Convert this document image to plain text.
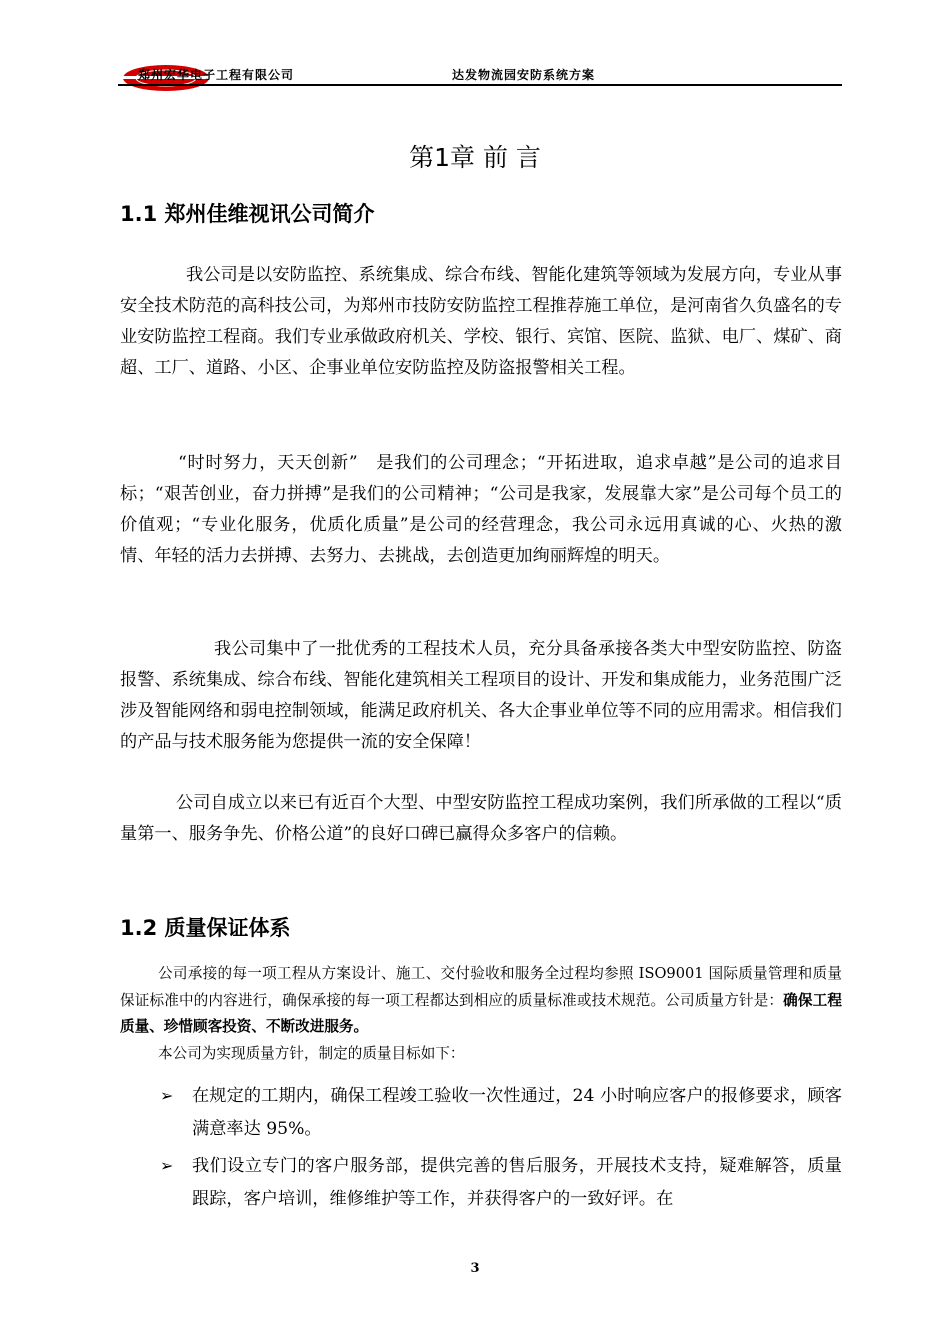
郑州宏华电子工程有限公司	达发物流园安防系统方案
第1章 前 言
1.1 郑州佳维视讯公司简介
我公司是以安防监控、系统集成、综合布线、智能化建筑等领域为发展方向，专业从事安全技术防范的高科技公司，为郑州市技防安防监控工程推荐施工单位，是河南省久负盛名的专业安防监控工程商。我们专业承做政府机关、学校、银行、宾馆、医院、监狱、电厂、煤矿、商超、工厂、道路、小区、企事业单位安防监控及防盗报警相关工程。
“时时努力，天天创新”　是我们的公司理念；“开拓进取，追求卓越”是公司的追求目标；“艰苦创业，奋力拼搏”是我们的公司精神；“公司是我家，发展靠大家”是公司每个员工的价值观；“专业化服务，优质化质量”是公司的经营理念，我公司永远用真诚的心、火热的激情、年轻的活力去拼搏、去努力、去挑战，去创造更加绚丽辉煌的明天。
我公司集中了一批优秀的工程技术人员，充分具备承接各类大中型安防监控、防盗报警、系统集成、综合布线、智能化建筑相关工程项目的设计、开发和集成能力，业务范围广泛涉及智能网络和弱电控制领域，能满足政府机关、各大企事业单位等不同的应用需求。相信我们的产品与技术服务能为您提供一流的安全保障！
公司自成立以来已有近百个大型、中型安防监控工程成功案例，我们所承做的工程以“质量第一、服务争先、价格公道”的良好口碑已赢得众多客户的信赖。
1.2 质量保证体系
公司承接的每一项工程从方案设计、施工、交付验收和服务全过程均参照 ISO9001 国际质量管理和质量保证标准中的内容进行，确保承接的每一项工程都达到相应的质量标准或技术规范。公司质量方针是：确保工程质量、珍惜顾客投资、不断改进服务。
本公司为实现质量方针，制定的质量目标如下：
➢ 在规定的工期内，确保工程竣工验收一次性通过，24 小时响应客户的报修要求，顾客满意率达 95%。
➢ 我们设立专门的客户服务部，提供完善的售后服务，开展技术支持，疑难解答，质量跟踪，客户培训，维修维护等工作，并获得客户的一致好评。在
3
